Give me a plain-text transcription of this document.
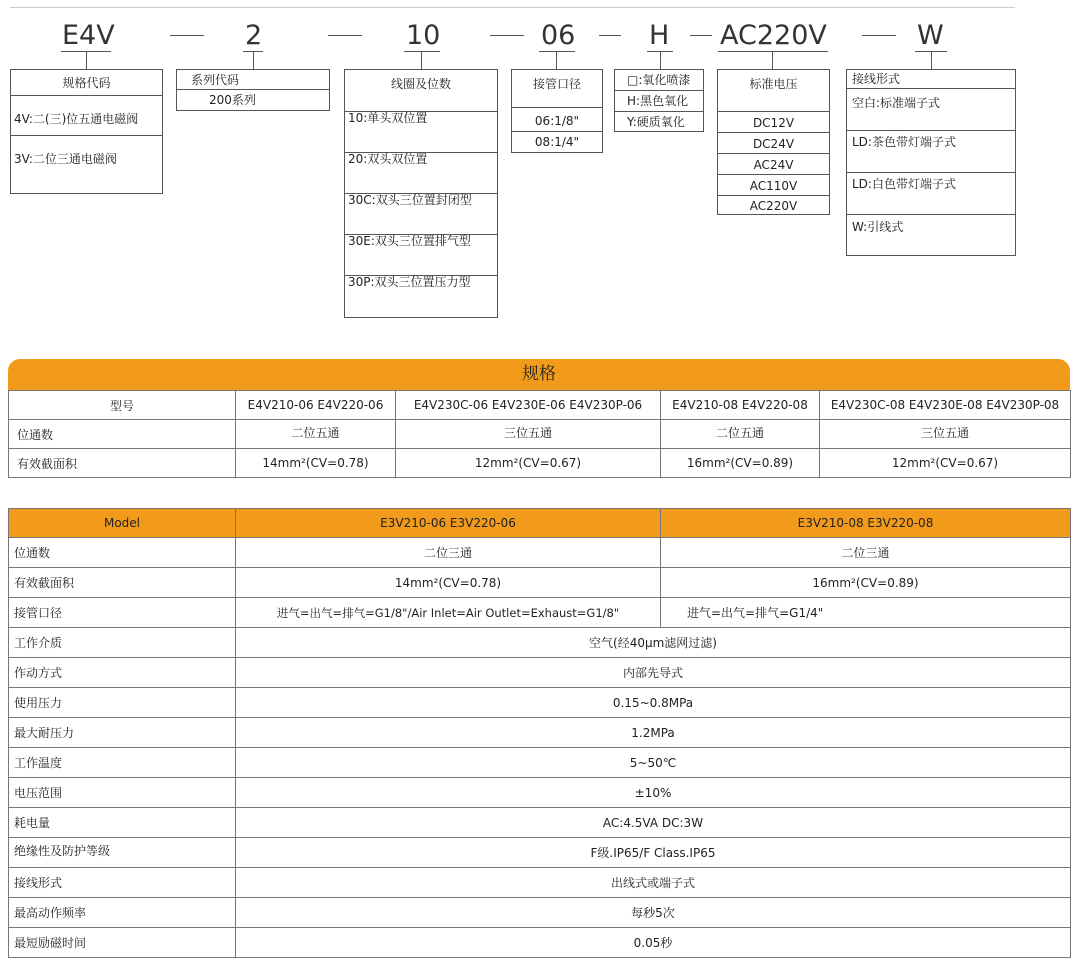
E4V	2	10	06	H AC220V	W
规格代码
4V:二(三)位五通电磁阀
3V:二位三通电磁阀
系列代码
200系列
线圈及位数
10:单头双位置
20:双头双位置
30C:双头三位置封闭型
30E:双头三位置排气型
30P:双头三位置压力型
接管口径
06:1/8"
08:1/4"
□:氧化喷漆
H:黑色氧化
Y:硬质氧化
标准电压
DC12V
DC24V
AC24V
AC110V
AC220V
接线形式
空白:标准端子式
LD:茶色带灯端子式
LD:白色带灯端子式
W:引线式
规格
型号	E4V210-06 E4V220-06	E4V230C-06 E4V230E-06 E4V230P-06	E4V210-08 E4V220-08	E4V230C-08 E4V230E-08 E4V230P-08
位通数	二位五通	三位五通	二位五通	三位五通
有效截面积	14mm²(CV=0.78)	12mm²(CV=0.67)	16mm²(CV=0.89)	12mm²(CV=0.67)
Model	E3V210-06 E3V220-06	E3V210-08 E3V220-08
位通数	二位三通	二位三通
有效截面积	14mm²(CV=0.78)	16mm²(CV=0.89)
接管口径	进气=出气=排气=G1/8"/Air Inlet=Air Outlet=Exhaust=G1/8"	进气=出气=排气=G1/4"
工作介质	空气(经40μm滤网过滤)	
作动方式	内部先导式	
使用压力	0.15~0.8MPa	
最大耐压力	1.2MPa	
工作温度	5~50℃	
电压范围	±10%	
耗电量	AC:4.5VA DC:3W	
绝缘性及防护等级	F级.IP65/F Class.IP65	
接线形式	出线式或端子式	
最高动作频率	每秒5次	
最短励磁时间	0.05秒	
